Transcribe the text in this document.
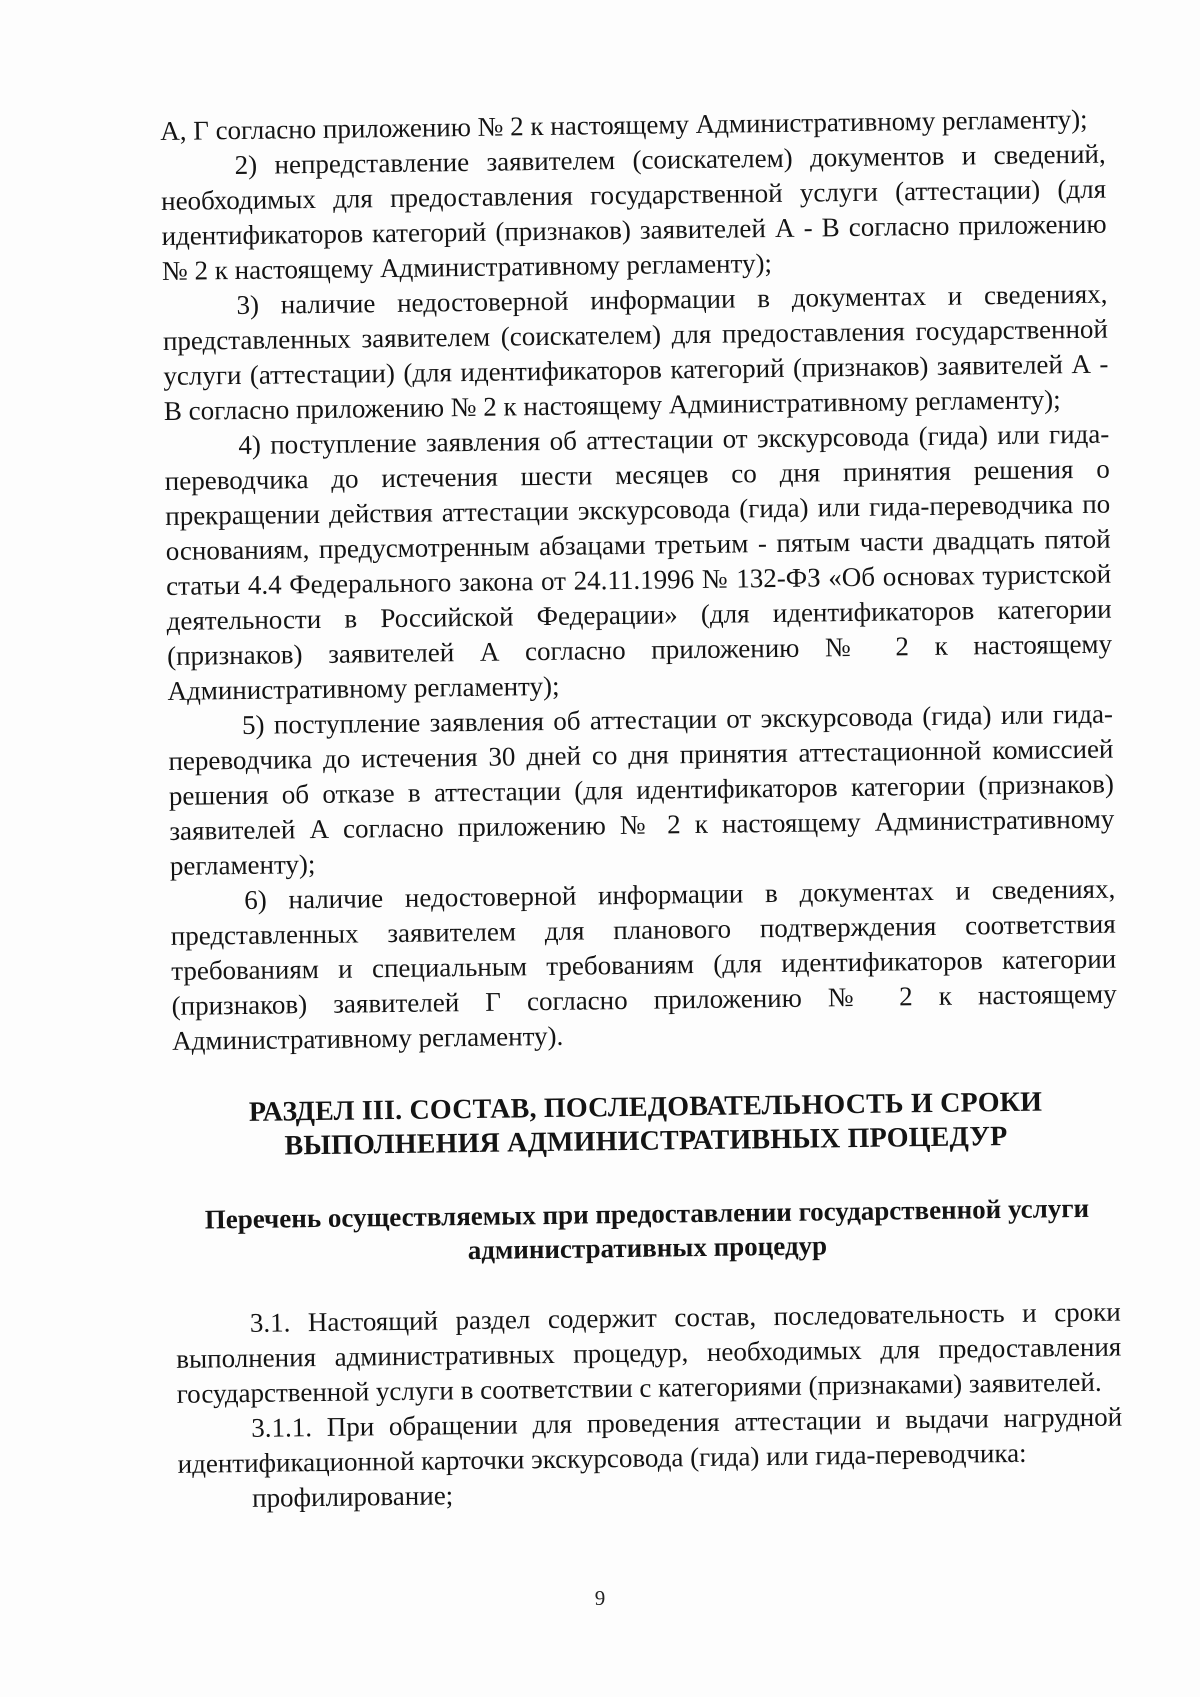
А, Г согласно приложению № 2 к настоящему Административному регламенту);

2) непредставление заявителем (соискателем) документов и сведений, необходимых для предоставления государственной услуги (аттестации) (для идентификаторов категорий (признаков) заявителей А - В согласно приложению № 2 к настоящему Административному регламенту);

3) наличие недостоверной информации в документах и сведениях, представленных заявителем (соискателем) для предоставления государственной услуги (аттестации) (для идентификаторов категорий (признаков) заявителей А - В согласно приложению № 2 к настоящему Административному регламенту);

4) поступление заявления об аттестации от экскурсовода (гида) или гида-переводчика до истечения шести месяцев со дня принятия решения о прекращении действия аттестации экскурсовода (гида) или гида-переводчика по основаниям, предусмотренным абзацами третьим - пятым части двадцать пятой статьи 4.4 Федерального закона от 24.11.1996 № 132-ФЗ «Об основах туристской деятельности в Российской Федерации» (для идентификаторов категории (признаков) заявителей А согласно приложению № 2 к настоящему Административному регламенту);

5) поступление заявления об аттестации от экскурсовода (гида) или гида-переводчика до истечения 30 дней со дня принятия аттестационной комиссией решения об отказе в аттестации (для идентификаторов категории (признаков) заявителей А согласно приложению № 2 к настоящему Административному регламенту);

6) наличие недостоверной информации в документах и сведениях, представленных заявителем для планового подтверждения соответствия требованиям и специальным требованиям (для идентификаторов категории (признаков) заявителей Г согласно приложению № 2 к настоящему Административному регламенту).

РАЗДЕЛ III. СОСТАВ, ПОСЛЕДОВАТЕЛЬНОСТЬ И СРОКИ
ВЫПОЛНЕНИЯ АДМИНИСТРАТИВНЫХ ПРОЦЕДУР
Перечень осуществляемых при предоставлении государственной услуги
административных процедур

3.1. Настоящий раздел содержит состав, последовательность и сроки выполнения административных процедур, необходимых для предоставления государственной услуги в соответствии с категориями (признаками) заявителей.

3.1.1. При обращении для проведения аттестации и выдачи нагрудной идентификационной карточки экскурсовода (гида) или гида-переводчика:

профилирование;

9
